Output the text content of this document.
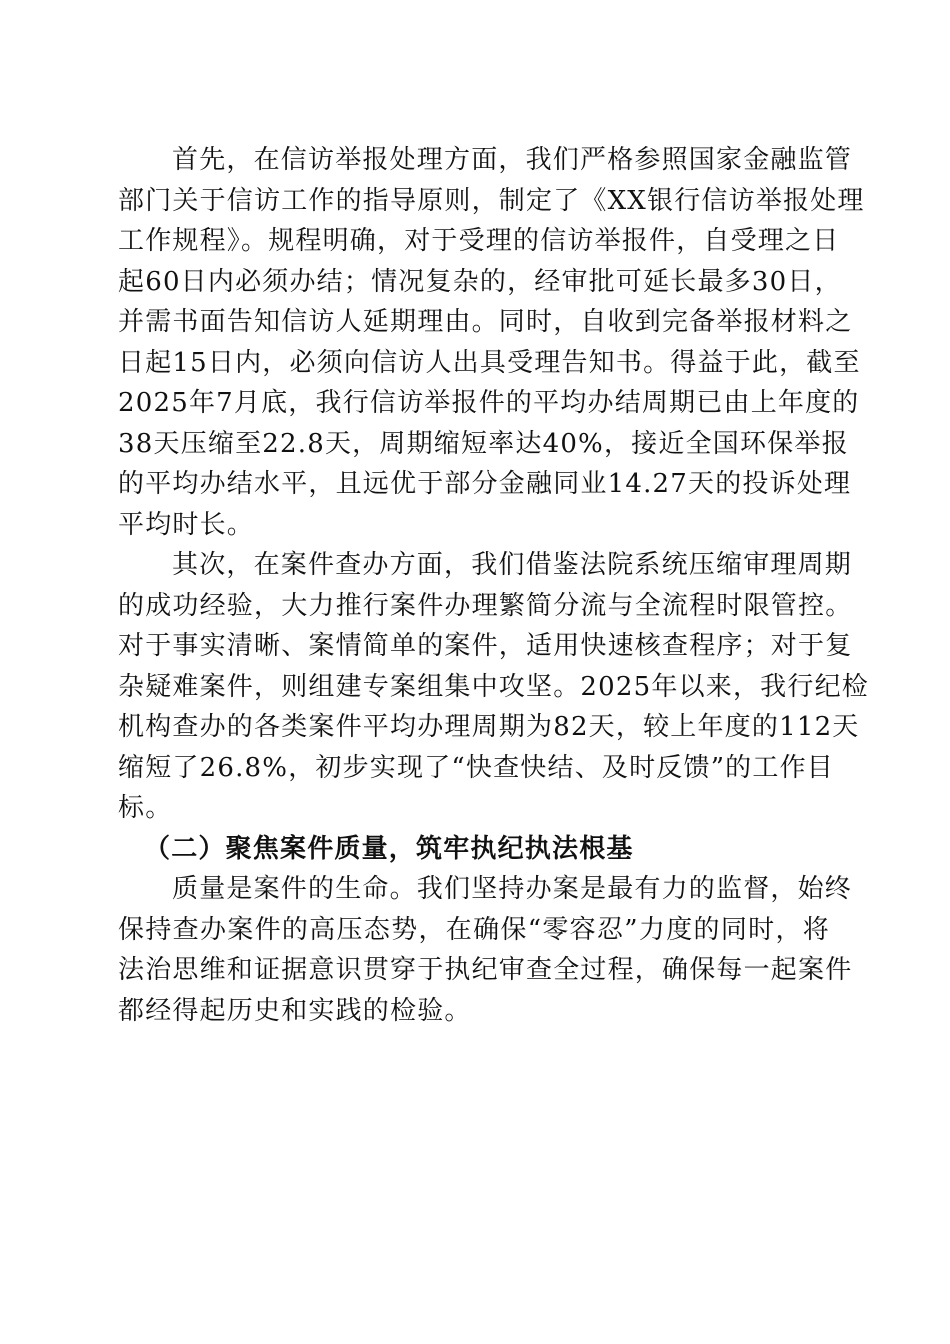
首先，在信访举报处理方面，我们严格参照国家金融监管
部门关于信访工作的指导原则，制定了《XX银行信访举报处理
工作规程》。规程明确，对于受理的信访举报件，自受理之日
起60日内必须办结；情况复杂的，经审批可延长最多30日，
并需书面告知信访人延期理由。同时，自收到完备举报材料之
日起15日内，必须向信访人出具受理告知书。得益于此，截至
2025年7月底，我行信访举报件的平均办结周期已由上年度的
38天压缩至22.8天，周期缩短率达40%，接近全国环保举报
的平均办结水平，且远优于部分金融同业14.27天的投诉处理
平均时长。
其次，在案件查办方面，我们借鉴法院系统压缩审理周期
的成功经验，大力推行案件办理繁简分流与全流程时限管控。
对于事实清晰、案情简单的案件，适用快速核查程序；对于复
杂疑难案件，则组建专案组集中攻坚。2025年以来，我行纪检
机构查办的各类案件平均办理周期为82天，较上年度的112天
缩短了26.8%，初步实现了“快查快结、及时反馈”的工作目
标。
（二）聚焦案件质量，筑牢执纪执法根基
质量是案件的生命。我们坚持办案是最有力的监督，始终
保持查办案件的高压态势，在确保“零容忍”力度的同时，将
法治思维和证据意识贯穿于执纪审查全过程，确保每一起案件
都经得起历史和实践的检验。
